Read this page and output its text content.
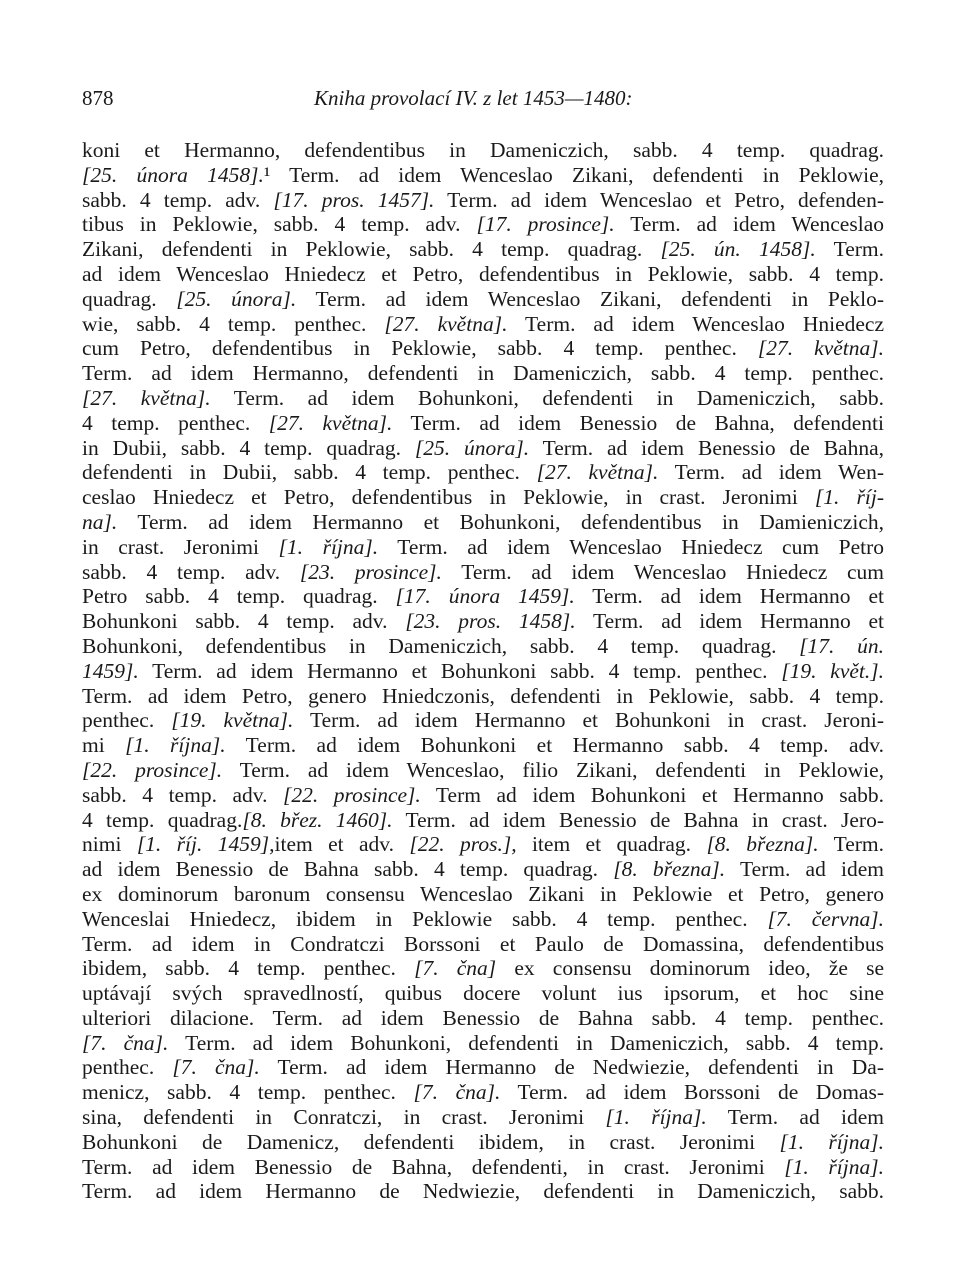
878	Kniha provolací IV. z let 1453—1480:
koni et Hermanno, defendentibus in Dameniczich, sabb. 4 temp. quadrag.
[25. února 1458].¹ Term. ad idem Wenceslao Zikani, defendenti in Peklowie,
sabb. 4 temp. adv. [17. pros. 1457]. Term. ad idem Wenceslao et Petro, defenden-
tibus in Peklowie, sabb. 4 temp. adv. [17. prosince]. Term. ad idem Wenceslao
Zikani, defendenti in Peklowie, sabb. 4 temp. quadrag. [25. ún. 1458]. Term.
ad idem Wenceslao Hniedecz et Petro, defendentibus in Peklowie, sabb. 4 temp.
quadrag. [25. února]. Term. ad idem Wenceslao Zikani, defendenti in Peklo-
wie, sabb. 4 temp. penthec. [27. května]. Term. ad idem Wenceslao Hniedecz
cum Petro, defendentibus in Peklowie, sabb. 4 temp. penthec. [27. května].
Term. ad idem Hermanno, defendenti in Dameniczich, sabb. 4 temp. penthec.
[27. května]. Term. ad idem Bohunkoni, defendenti in Dameniczich, sabb.
4 temp. penthec. [27. května]. Term. ad idem Benessio de Bahna, defendenti
in Dubii, sabb. 4 temp. quadrag. [25. února]. Term. ad idem Benessio de Bahna,
defendenti in Dubii, sabb. 4 temp. penthec. [27. května]. Term. ad idem Wen-
ceslao Hniedecz et Petro, defendentibus in Peklowie, in crast. Jeronimi [1. říj-
na]. Term. ad idem Hermanno et Bohunkoni, defendentibus in Damieniczich,
in crast. Jeronimi [1. října]. Term. ad idem Wenceslao Hniedecz cum Petro
sabb. 4 temp. adv. [23. prosince]. Term. ad idem Wenceslao Hniedecz cum
Petro sabb. 4 temp. quadrag. [17. února 1459]. Term. ad idem Hermanno et
Bohunkoni sabb. 4 temp. adv. [23. pros. 1458]. Term. ad idem Hermanno et
Bohunkoni, defendentibus in Dameniczich, sabb. 4 temp. quadrag. [17. ún.
1459]. Term. ad idem Hermanno et Bohunkoni sabb. 4 temp. penthec. [19. květ.].
Term. ad idem Petro, genero Hniedczonis, defendenti in Peklowie, sabb. 4 temp.
penthec. [19. května]. Term. ad idem Hermanno et Bohunkoni in crast. Jeroni-
mi [1. října]. Term. ad idem Bohunkoni et Hermanno sabb. 4 temp. adv.
[22. prosince]. Term. ad idem Wenceslao, filio Zikani, defendenti in Peklowie,
sabb. 4 temp. adv. [22. prosince]. Term ad idem Bohunkoni et Hermanno sabb.
4 temp. quadrag.[8. břez. 1460]. Term. ad idem Benessio de Bahna in crast. Jero-
nimi [1. říj. 1459],item et adv. [22. pros.], item et quadrag. [8. března]. Term.
ad idem Benessio de Bahna sabb. 4 temp. quadrag. [8. března]. Term. ad idem
ex dominorum baronum consensu Wenceslao Zikani in Peklowie et Petro, genero
Wenceslai Hniedecz, ibidem in Peklowie sabb. 4 temp. penthec. [7. června].
Term. ad idem in Condratczi Borssoni et Paulo de Domassina, defendentibus
ibidem, sabb. 4 temp. penthec. [7. čna] ex consensu dominorum ideo, že se
uptávají svých spravedlností, quibus docere volunt ius ipsorum, et hoc sine
ulteriori dilacione. Term. ad idem Benessio de Bahna sabb. 4 temp. penthec.
[7. čna]. Term. ad idem Bohunkoni, defendenti in Dameniczich, sabb. 4 temp.
penthec. [7. čna]. Term. ad idem Hermanno de Nedwiezie, defendenti in Da-
menicz, sabb. 4 temp. penthec. [7. čna]. Term. ad idem Borssoni de Domas-
sina, defendenti in Conratczi, in crast. Jeronimi [1. října]. Term. ad idem
Bohunkoni de Damenicz, defendenti ibidem, in crast. Jeronimi [1. října].
Term. ad idem Benessio de Bahna, defendenti, in crast. Jeronimi [1. října].
Term. ad idem Hermanno de Nedwiezie, defendenti in Dameniczich, sabb.
